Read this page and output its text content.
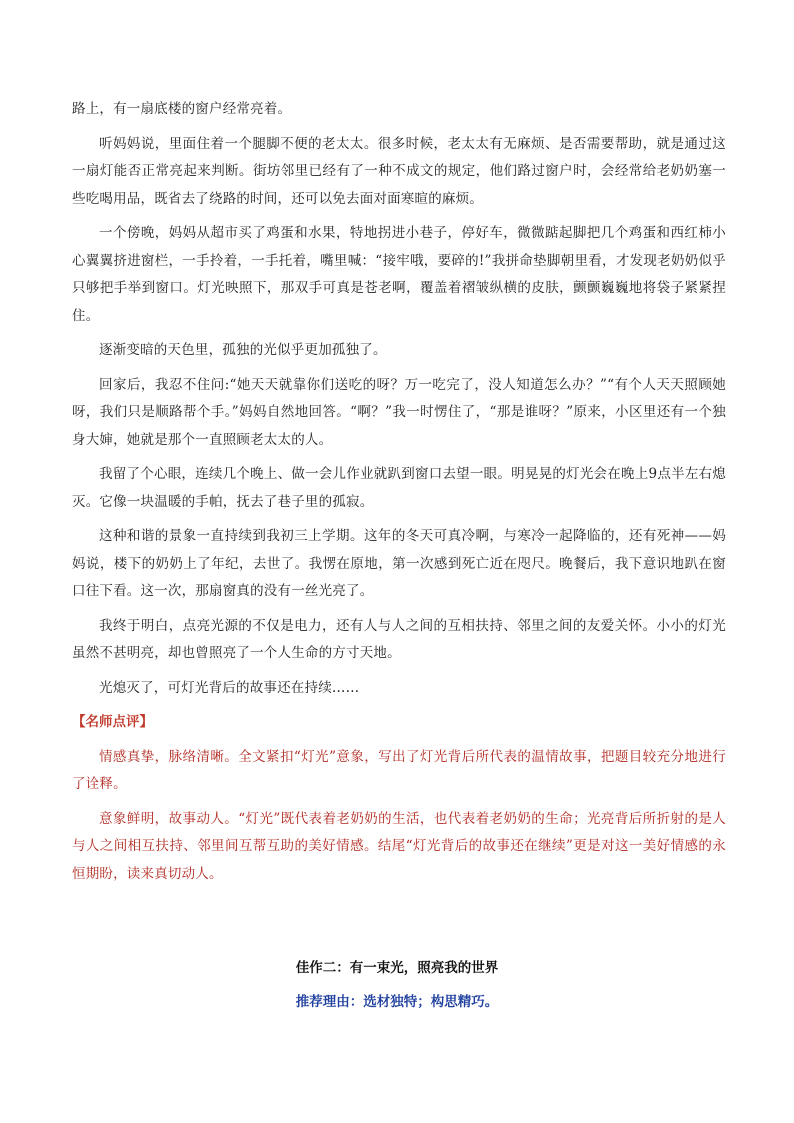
路上，有一扇底楼的窗户经常亮着。

听妈妈说，里面住着一个腿脚不便的老太太。很多时候，老太太有无麻烦、是否需要帮助，就是通过这一扇灯能否正常亮起来判断。街坊邻里已经有了一种不成文的规定，他们路过窗户时，会经常给老奶奶塞一些吃喝用品，既省去了绕路的时间，还可以免去面对面寒暄的麻烦。

一个傍晚，妈妈从超市买了鸡蛋和水果，特地拐进小巷子，停好车，微微踮起脚把几个鸡蛋和西红柿小心翼翼挤进窗栏，一手拎着，一手托着，嘴里喊：“接牢哦，要碎的!”我拼命垫脚朝里看，才发现老奶奶似乎只够把手举到窗口。灯光映照下，那双手可真是苍老啊，覆盖着褶皱纵横的皮肤，颤颤巍巍地将袋子紧紧捏住。

逐渐变暗的天色里，孤独的光似乎更加孤独了。

回家后，我忍不住问:“她天天就靠你们送吃的呀？万一吃完了，没人知道怎么办？”“有个人天天照顾她呀，我们只是顺路帮个手。”妈妈自然地回答。“啊？”我一时愣住了，“那是谁呀？”原来，小区里还有一个独身大婶，她就是那个一直照顾老太太的人。

我留了个心眼，连续几个晚上、做一会儿作业就趴到窗口去望一眼。明晃晃的灯光会在晚上9点半左右熄灭。它像一块温暖的手帕，抚去了巷子里的孤寂。

这种和谐的景象一直持续到我初三上学期。这年的冬天可真冷啊，与寒冷一起降临的，还有死神——妈妈说，楼下的奶奶上了年纪，去世了。我愣在原地，第一次感到死亡近在咫尺。晚餐后，我下意识地趴在窗口往下看。这一次，那扇窗真的没有一丝光亮了。

我终于明白，点亮光源的不仅是电力，还有人与人之间的互相扶持、邻里之间的友爱关怀。小小的灯光虽然不甚明亮，却也曾照亮了一个人生命的方寸天地。

光熄灭了，可灯光背后的故事还在持续……

【名师点评】

情感真挚，脉络清晰。全文紧扣“灯光”意象，写出了灯光背后所代表的温情故事，把题目较充分地进行了诠释。

意象鲜明，故事动人。“灯光”既代表着老奶奶的生活，也代表着老奶奶的生命；光亮背后所折射的是人与人之间相互扶持、邻里间互帮互助的美好情感。结尾“灯光背后的故事还在继续”更是对这一美好情感的永恒期盼，读来真切动人。

佳作二：有一束光，照亮我的世界

推荐理由：选材独特；构思精巧。
